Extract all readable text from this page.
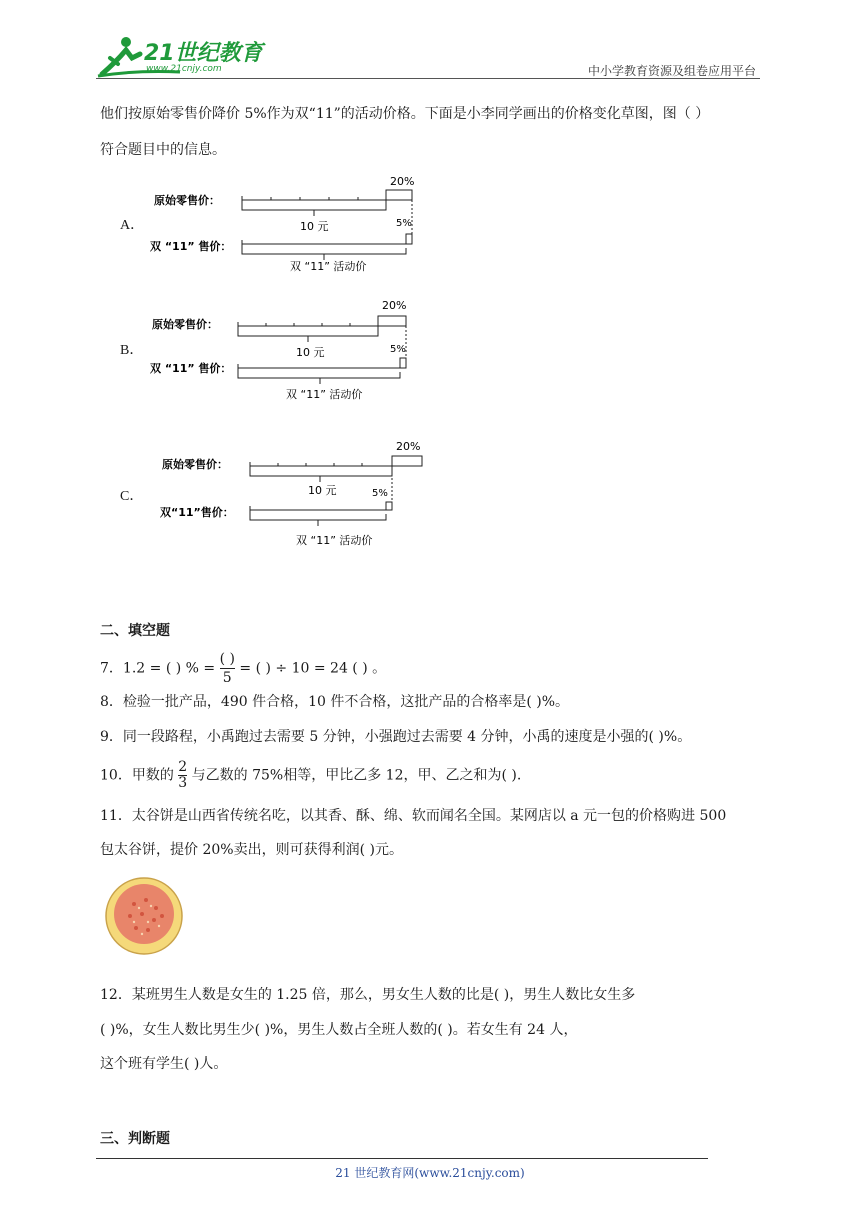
21世纪教育
www.21cnjy.com	中小学教育资源及组卷应用平台
他们按原始零售价降价 5%作为双“11”的活动价格。下面是小李同学画出的价格变化草图，图（ ）
符合题目中的信息。
A．
原始零售价：
20%
10 元	5%
双 “11” 售价：
双 “11” 活动价
B．
原始零售价：
20%
10 元	5%
双 “11” 售价：
双 “11” 活动价
C．
原始零售价：
20%
10 元	5%
双“11”售价：
双 “11” 活动价
二、填空题
7．1.2 = ( ) % = $\frac{( )}{5}$ = ( ) ÷ 10 = 24 ( ) 。
8．检验一批产品，490 件合格，10 件不合格，这批产品的合格率是( )%。
9．同一段路程，小禹跑过去需要 5 分钟，小强跑过去需要 4 分钟，小禹的速度是小强的( )%。
10．甲数的 $\frac{2}{3}$ 与乙数的 75%相等，甲比乙多 12，甲、乙之和为( ).
11．太谷饼是山西省传统名吃，以其香、酥、绵、软而闻名全国。某网店以 a 元一包的价格购进 500
包太谷饼，提价 20%卖出，则可获得利润( )元。
12．某班男生人数是女生的 1.25 倍，那么，男女生人数的比是( )，男生人数比女生多
( )%，女生人数比男生少( )%，男生人数占全班人数的( )。若女生有 24 人，
这个班有学生( )人。
三、判断题
21 世纪教育网(www.21cnjy.com)
